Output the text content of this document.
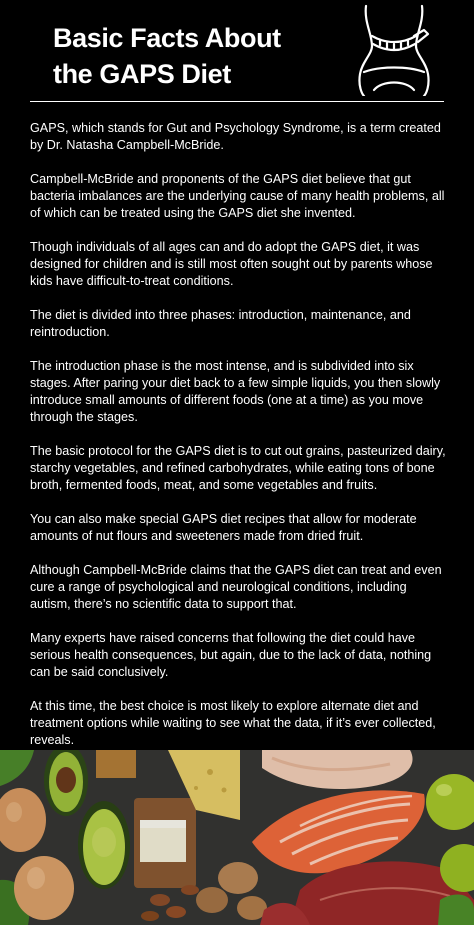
Basic Facts About
the GAPS Diet

GAPS, which stands for Gut and Psychology Syndrome, is a term created by Dr. Natasha Campbell-McBride.

Campbell-McBride and proponents of the GAPS diet believe that gut bacteria imbalances are the underlying cause of many health problems, all of which can be treated using the GAPS diet she invented.

Though individuals of all ages can and do adopt the GAPS diet, it was designed for children and is still most often sought out by parents whose kids have difficult-to-treat conditions.

The diet is divided into three phases: introduction, maintenance, and reintroduction.

The introduction phase is the most intense, and is subdivided into six stages. After paring your diet back to a few simple liquids, you then slowly introduce small amounts of different foods (one at a time) as you move through the stages.

The basic protocol for the GAPS diet is to cut out grains, pasteurized dairy, starchy vegetables, and refined carbohydrates, while eating tons of bone broth, fermented foods, meat, and some vegetables and fruits.

You can also make special GAPS diet recipes that allow for moderate amounts of nut flours and sweeteners made from dried fruit.

Although Campbell-McBride claims that the GAPS diet can treat and even cure a range of psychological and neurological conditions, including autism, there’s no scientific data to support that.

Many experts have raised concerns that following the diet could have serious health consequences, but again, due to the lack of data, nothing can be said conclusively.

At this time, the best choice is most likely to explore alternate diet and treatment options while waiting to see what the data, if it’s ever collected, reveals.
